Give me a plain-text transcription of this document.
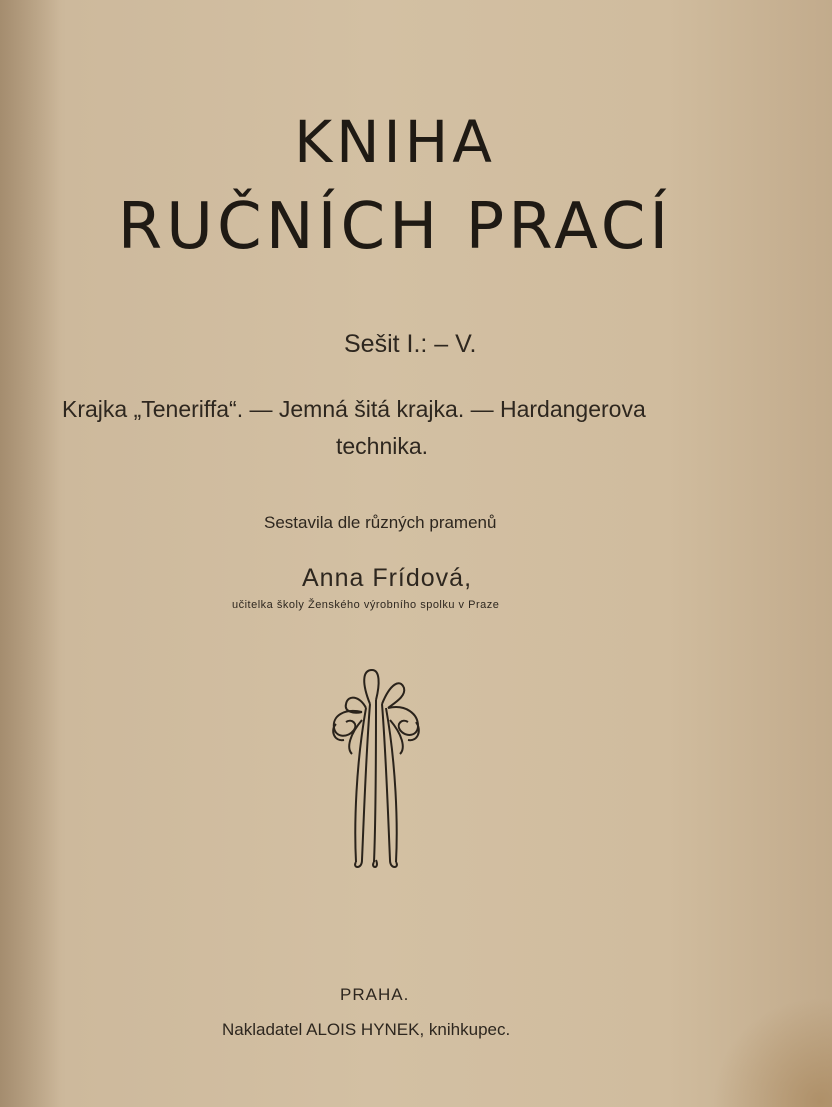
KNIHA
RUČNÍCH PRACÍ

Sešit I.: – V.

Krajka „Teneriffa“. — Jemná šitá krajka. — Hardangerova

technika.

Sestavila dle různých pramenů

Anna Frídová,

učitelka školy Ženského výrobního spolku v Praze

PRAHA.

Nakladatel ALOIS HYNEK, knihkupec.
